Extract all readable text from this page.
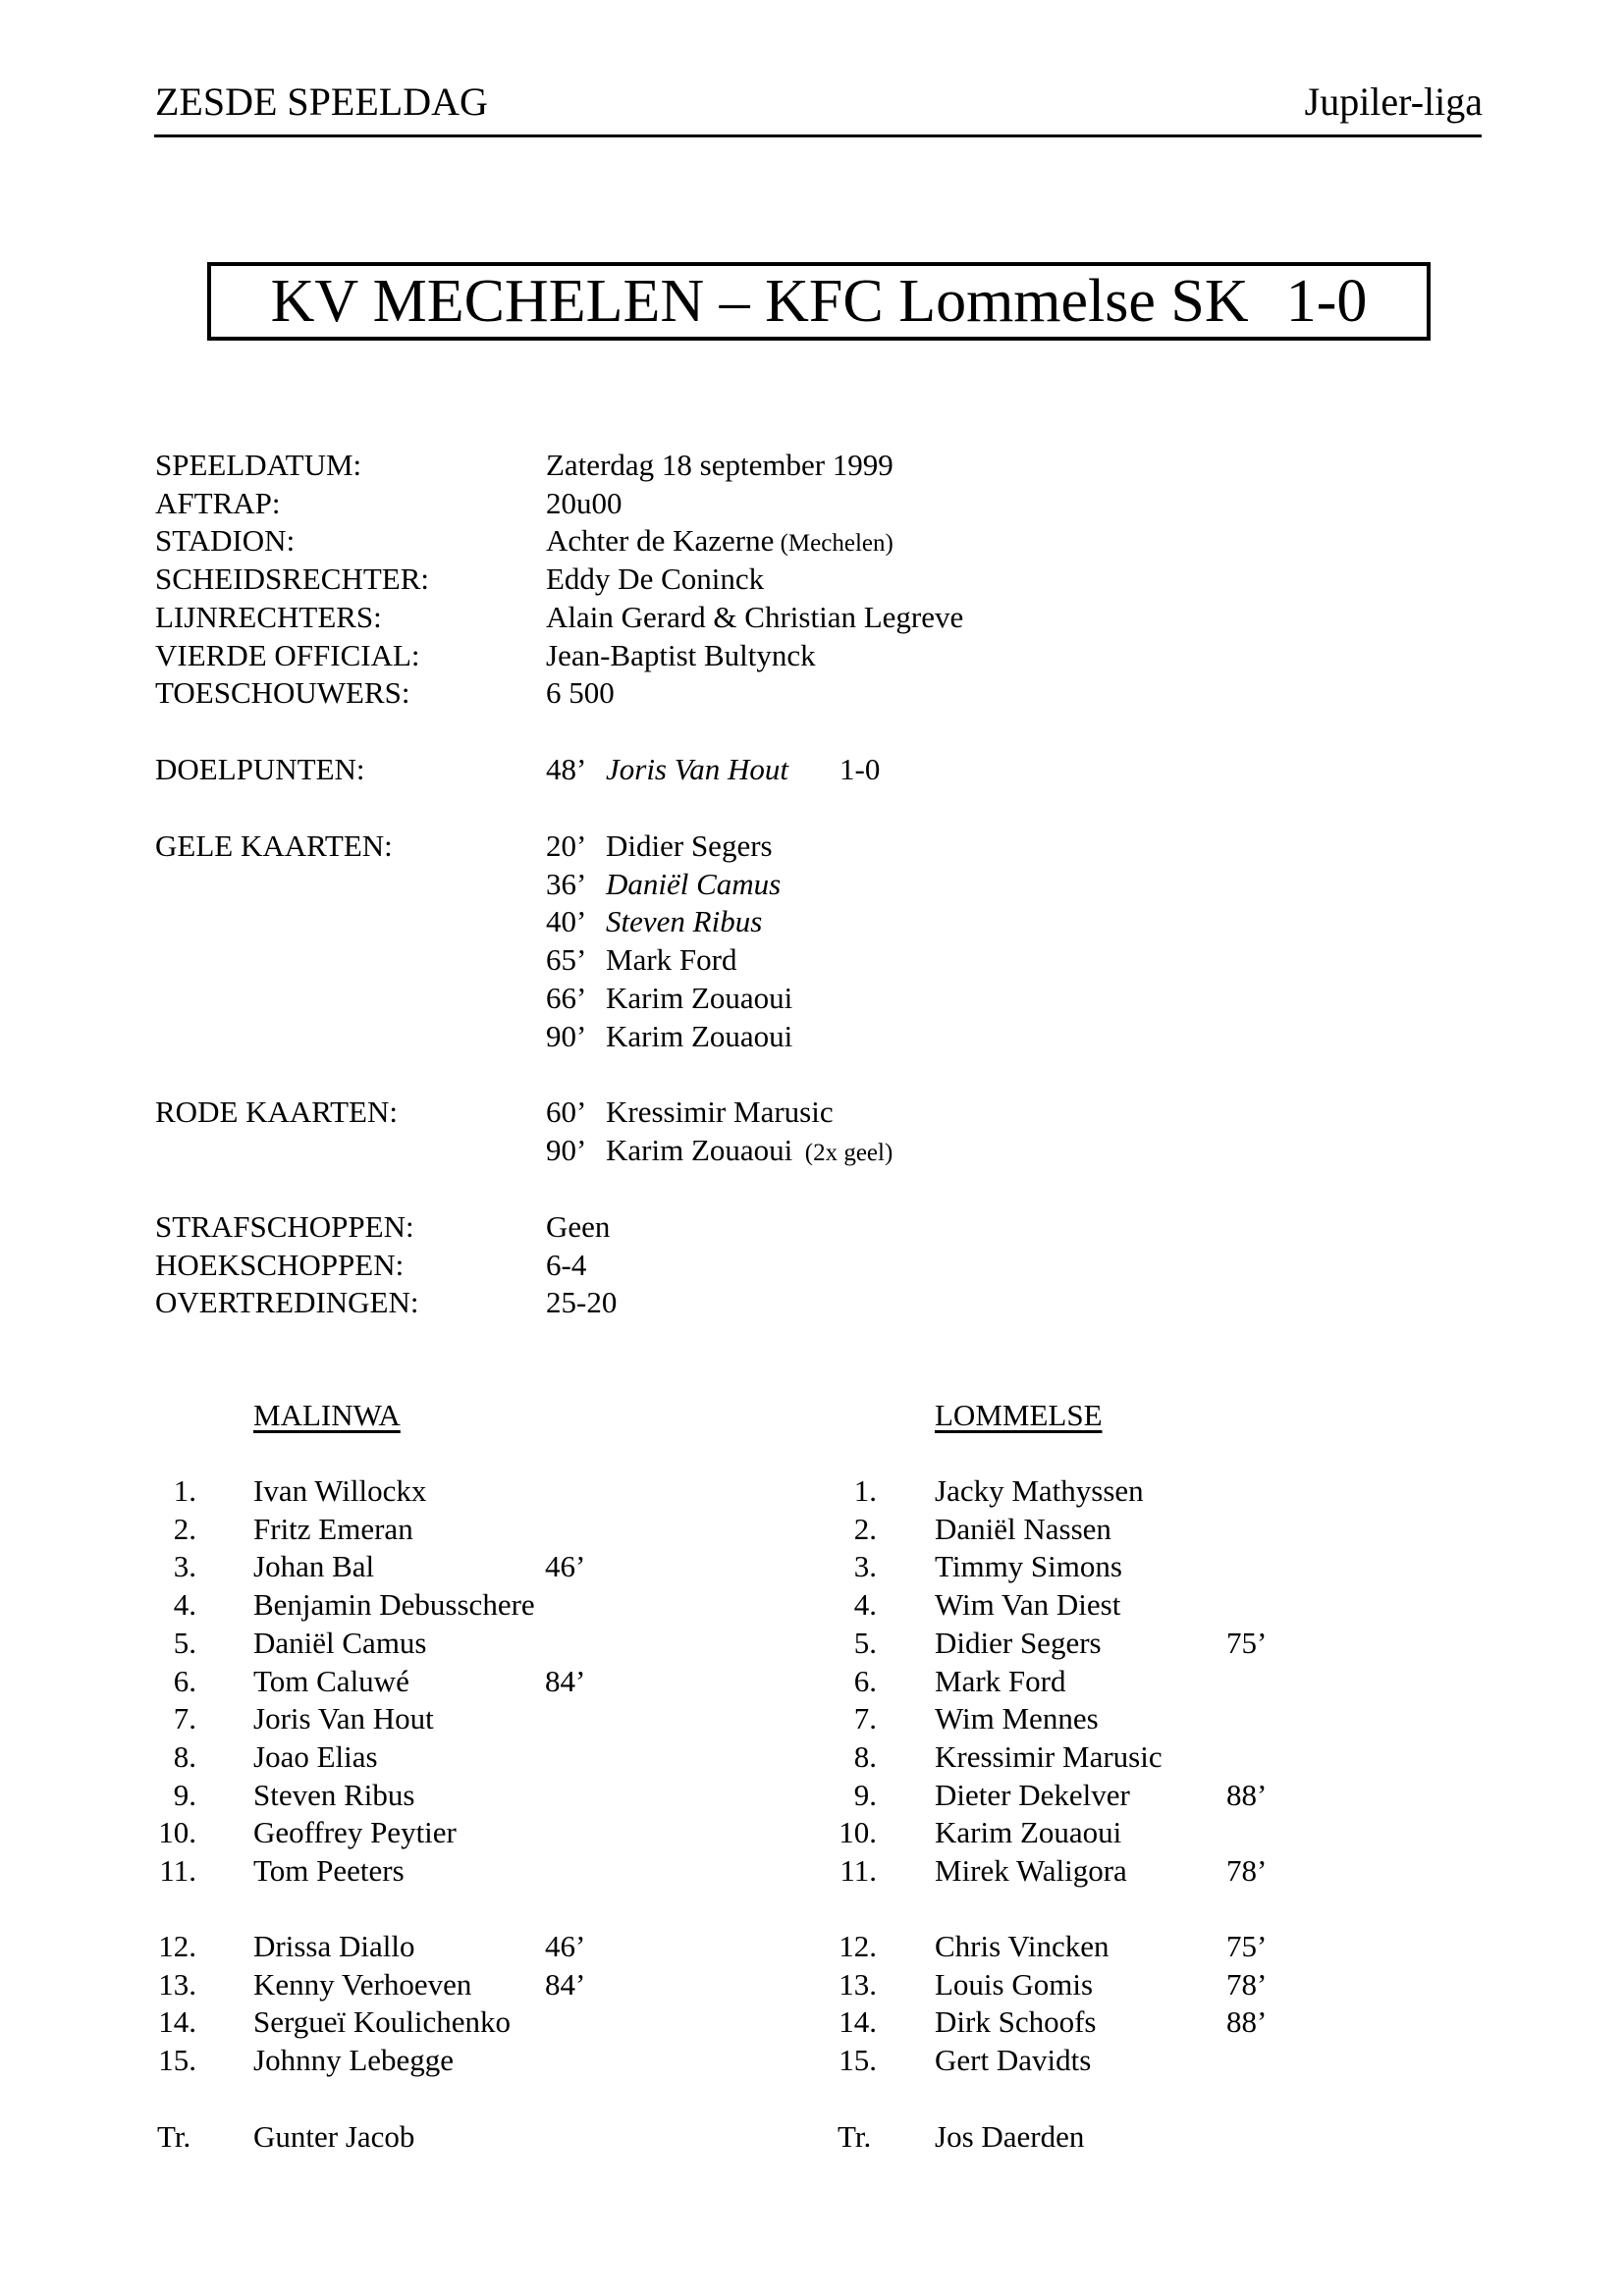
ZESDE SPEELDAG	Jupiler-liga
KV MECHELEN
–
KFC Lommelse SK 1-0
SPEELDATUM:	Zaterdag 18 september 1999
AFTRAP:	20u00
STADION:	Achter de Kazerne (Mechelen)
SCHEIDSRECHTER:	Eddy De Coninck
LIJNRECHTERS:	Alain Gerard & Christian Legreve
VIERDE OFFICIAL:	Jean-Baptist Bultynck
TOESCHOUWERS:	6 500
DOELPUNTEN:	48’ Joris Van Hout 1-0
GELE KAARTEN:	20’ Didier Segers
36’ Daniël Camus
40’ Steven Ribus
65’ Mark Ford
66’ Karim Zouaoui
90’ Karim Zouaoui
RODE KAARTEN:	60’ Kressimir Marusic
90’ Karim Zouaoui  (2x geel)
STRAFSCHOPPEN:	Geen
HOEKSCHOPPEN:	6-4
OVERTREDINGEN:	25-20
MALINWA
1. Ivan Willockx
2. Fritz Emeran
3. Johan Bal	46’
4. Benjamin Debusschere
5. Daniël Camus
6. Tom Caluwé	84’
7. Joris Van Hout
8. Joao Elias
9. Steven Ribus
10. Geoffrey Peytier
11. Tom Peeters
12. Drissa Diallo	46’
13. Kenny Verhoeven 84’
14. Sergueï Koulichenko
15. Johnny Lebegge
Tr. Gunter Jacob
LOMMELSE
1. Jacky Mathyssen
2. Daniël Nassen
3. Timmy Simons
4. Wim Van Diest
5. Didier Segers	75’
6. Mark Ford
7. Wim Mennes
8. Kressimir Marusic
9. Dieter Dekelver	88’
10. Karim Zouaoui
11. Mirek Waligora	78’
12. Chris Vincken	75’
13. Louis Gomis	78’
14. Dirk Schoofs	88’
15. Gert Davidts
Tr. Jos Daerden
